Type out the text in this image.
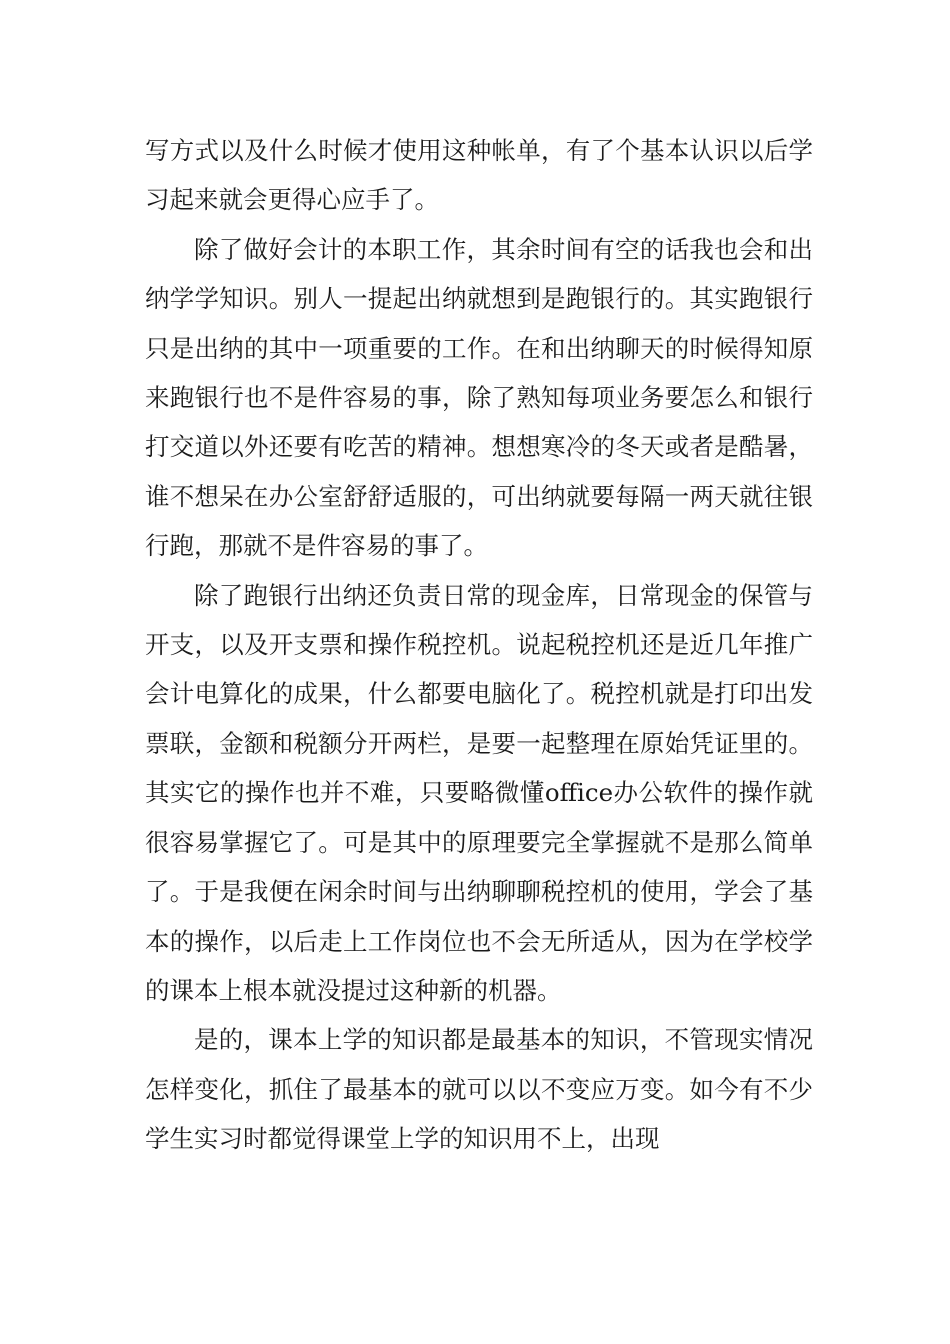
写方式以及什么时候才使用这种帐单，有了个基本认识以后学习起来就会更得心应手了。

除了做好会计的本职工作，其余时间有空的话我也会和出纳学学知识。别人一提起出纳就想到是跑银行的。其实跑银行只是出纳的其中一项重要的工作。在和出纳聊天的时候得知原来跑银行也不是件容易的事，除了熟知每项业务要怎么和银行打交道以外还要有吃苦的精神。想想寒冷的冬天或者是酷暑，谁不想呆在办公室舒舒适服的，可出纳就要每隔一两天就往银行跑，那就不是件容易的事了。

除了跑银行出纳还负责日常的现金库，日常现金的保管与开支，以及开支票和操作税控机。说起税控机还是近几年推广会计电算化的成果，什么都要电脑化了。税控机就是打印出发票联，金额和税额分开两栏，是要一起整理在原始凭证里的。其实它的操作也并不难，只要略微懂office办公软件的操作就很容易掌握它了。可是其中的原理要完全掌握就不是那么简单了。于是我便在闲余时间与出纳聊聊税控机的使用，学会了基本的操作，以后走上工作岗位也不会无所适从，因为在学校学的课本上根本就没提过这种新的机器。

是的，课本上学的知识都是最基本的知识，不管现实情况怎样变化，抓住了最基本的就可以以不变应万变。如今有不少学生实习时都觉得课堂上学的知识用不上，出现
